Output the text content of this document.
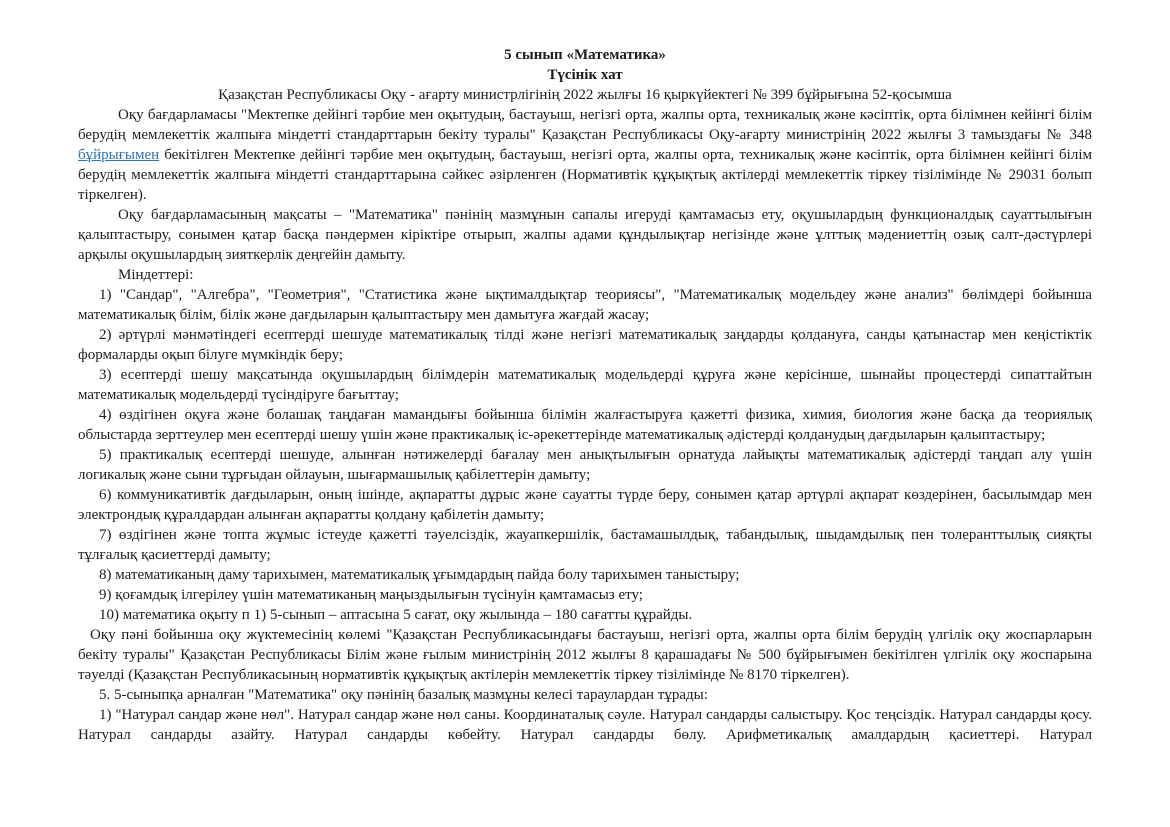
5 сынып «Математика»
Түсінік хат
Қазақстан Республикасы Оқу - ағарту министрлігінің 2022 жылғы 16 қыркүйектегі № 399 бұйрығына 52-қосымша

Оқу бағдарламасы "Мектепке дейінгі тәрбие мен оқытудың, бастауыш, негізгі орта, жалпы орта, техникалық және кәсіптік, орта білімнен кейінгі білім берудің мемлекеттік жалпыға міндетті стандарттарын бекіту туралы" Қазақстан Республикасы Оқу-ағарту министрінің 2022 жылғы 3 тамыздағы № 348 бұйрығымен бекітілген Мектепке дейінгі тәрбие мен оқытудың, бастауыш, негізгі орта, жалпы орта, техникалық және кәсіптік, орта білімнен кейінгі білім берудің мемлекеттік жалпыға міндетті стандарттарына сәйкес әзірленген (Нормативтік құқықтық актілерді мемлекеттік тіркеу тізілімінде № 29031 болып тіркелген).

Оқу бағдарламасының мақсаты – "Математика" пәнінің мазмұнын сапалы игеруді қамтамасыз ету, оқушылардың функционалдық сауаттылығын қалыптастыру, сонымен қатар басқа пәндермен кіріктіре отырып, жалпы адами құндылықтар негізінде және ұлттық мәдениеттің озық салт-дәстүрлері арқылы оқушылардың зияткерлік деңгейін дамыту.

Міндеттері:

1) "Сандар", "Алгебра", "Геометрия", "Статистика және ықтималдықтар теориясы", "Математикалық модельдеу және анализ" бөлімдері бойынша математикалық білім, білік және дағдыларын қалыптастыру мен дамытуға жағдай жасау;

2) әртүрлі мәнмәтіндегі есептерді шешуде математикалық тілді және негізгі математикалық заңдарды қолдануға, санды қатынастар мен кеңістіктік формаларды оқып білуге мүмкіндік беру;

3) есептерді шешу мақсатында оқушылардың білімдерін математикалық модельдерді құруға және керісінше, шынайы процестерді сипаттайтын математикалық модельдерді түсіндіруге бағыттау;

4) өздігінен оқуға және болашақ таңдаған мамандығы бойынша білімін жалғастыруға қажетті физика, химия, биология және басқа да теориялық облыстарда зерттеулер мен есептерді шешу үшін және практикалық іс-әрекеттерінде математикалық әдістерді қолданудың дағдыларын қалыптастыру;

5) практикалық есептерді шешуде, алынған нәтижелерді бағалау мен анықтылығын орнатуда лайықты математикалық әдістерді таңдап алу үшін логикалық және сыни тұрғыдан ойлауын, шығармашылық қабілеттерін дамыту;

6) коммуникативтік дағдыларын, оның ішінде, ақпаратты дұрыс және сауатты түрде беру, сонымен қатар әртүрлі ақпарат көздерінен, басылымдар мен электрондық құралдардан алынған ақпаратты қолдану қабілетін дамыту;

7) өздігінен және топта жұмыс істеуде қажетті тәуелсіздік, жауапкершілік, бастамашылдық, табандылық, шыдамдылық пен толеранттылық сияқты тұлғалық қасиеттерді дамыту;

8) математиканың даму тарихымен, математикалық ұғымдардың пайда болу тарихымен таныстыру;

9) қоғамдық ілгерілеу үшін математиканың маңыздылығын түсінуін қамтамасыз ету;

10) математика оқыту п 1) 5-сынып – аптасына 5 сағат, оқу жылында – 180 сағатты құрайды.

Оқу пәні бойынша оқу жүктемесінің көлемі "Қазақстан Республикасындағы бастауыш, негізгі орта, жалпы орта білім берудің үлгілік оқу жоспарларын бекіту туралы" Қазақстан Республикасы Білім және ғылым министрінің 2012 жылғы 8 қарашадағы № 500 бұйрығымен бекітілген үлгілік оқу жоспарына тәуелді (Қазақстан Республикасының нормативтік құқықтық актілерін мемлекеттік тіркеу тізілімінде № 8170 тіркелген).

5. 5-сыныпқа арналған "Математика" оқу пәнінің базалық мазмұны келесі тараулардан тұрады:

1) "Натурал сандар және нөл". Натурал сандар және нөл саны. Координаталық сәуле. Натурал сандарды салыстыру. Қос теңсіздік. Натурал сандарды қосу. Натурал сандарды азайту. Натурал сандарды көбейту. Натурал сандарды бөлу. Арифметикалық амалдардың қасиеттері. Натурал
